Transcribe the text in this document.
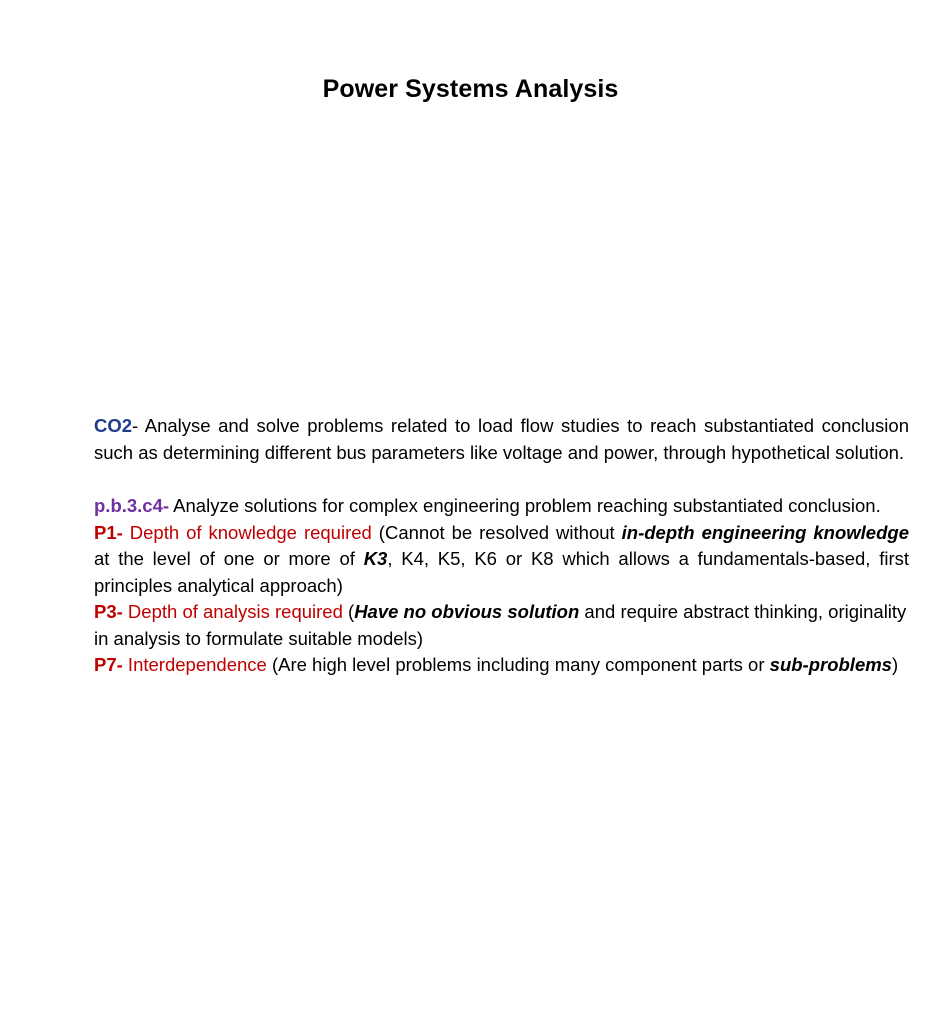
Power Systems Analysis

CO2- Analyse and solve problems related to load flow studies to reach substantiated conclusion such as determining different bus parameters like voltage and power, through hypothetical solution.

p.b.3.c4- Analyze solutions for complex engineering problem reaching substantiated conclusion.

P1- Depth of knowledge required (Cannot be resolved without in-depth engineering knowledge at the level of one or more of K3, K4, K5, K6 or K8 which allows a fundamentals-based, first principles analytical approach)

P3- Depth of analysis required (Have no obvious solution and require abstract thinking, originality in analysis to formulate suitable models)

P7- Interdependence (Are high level problems including many component parts or sub-problems)
